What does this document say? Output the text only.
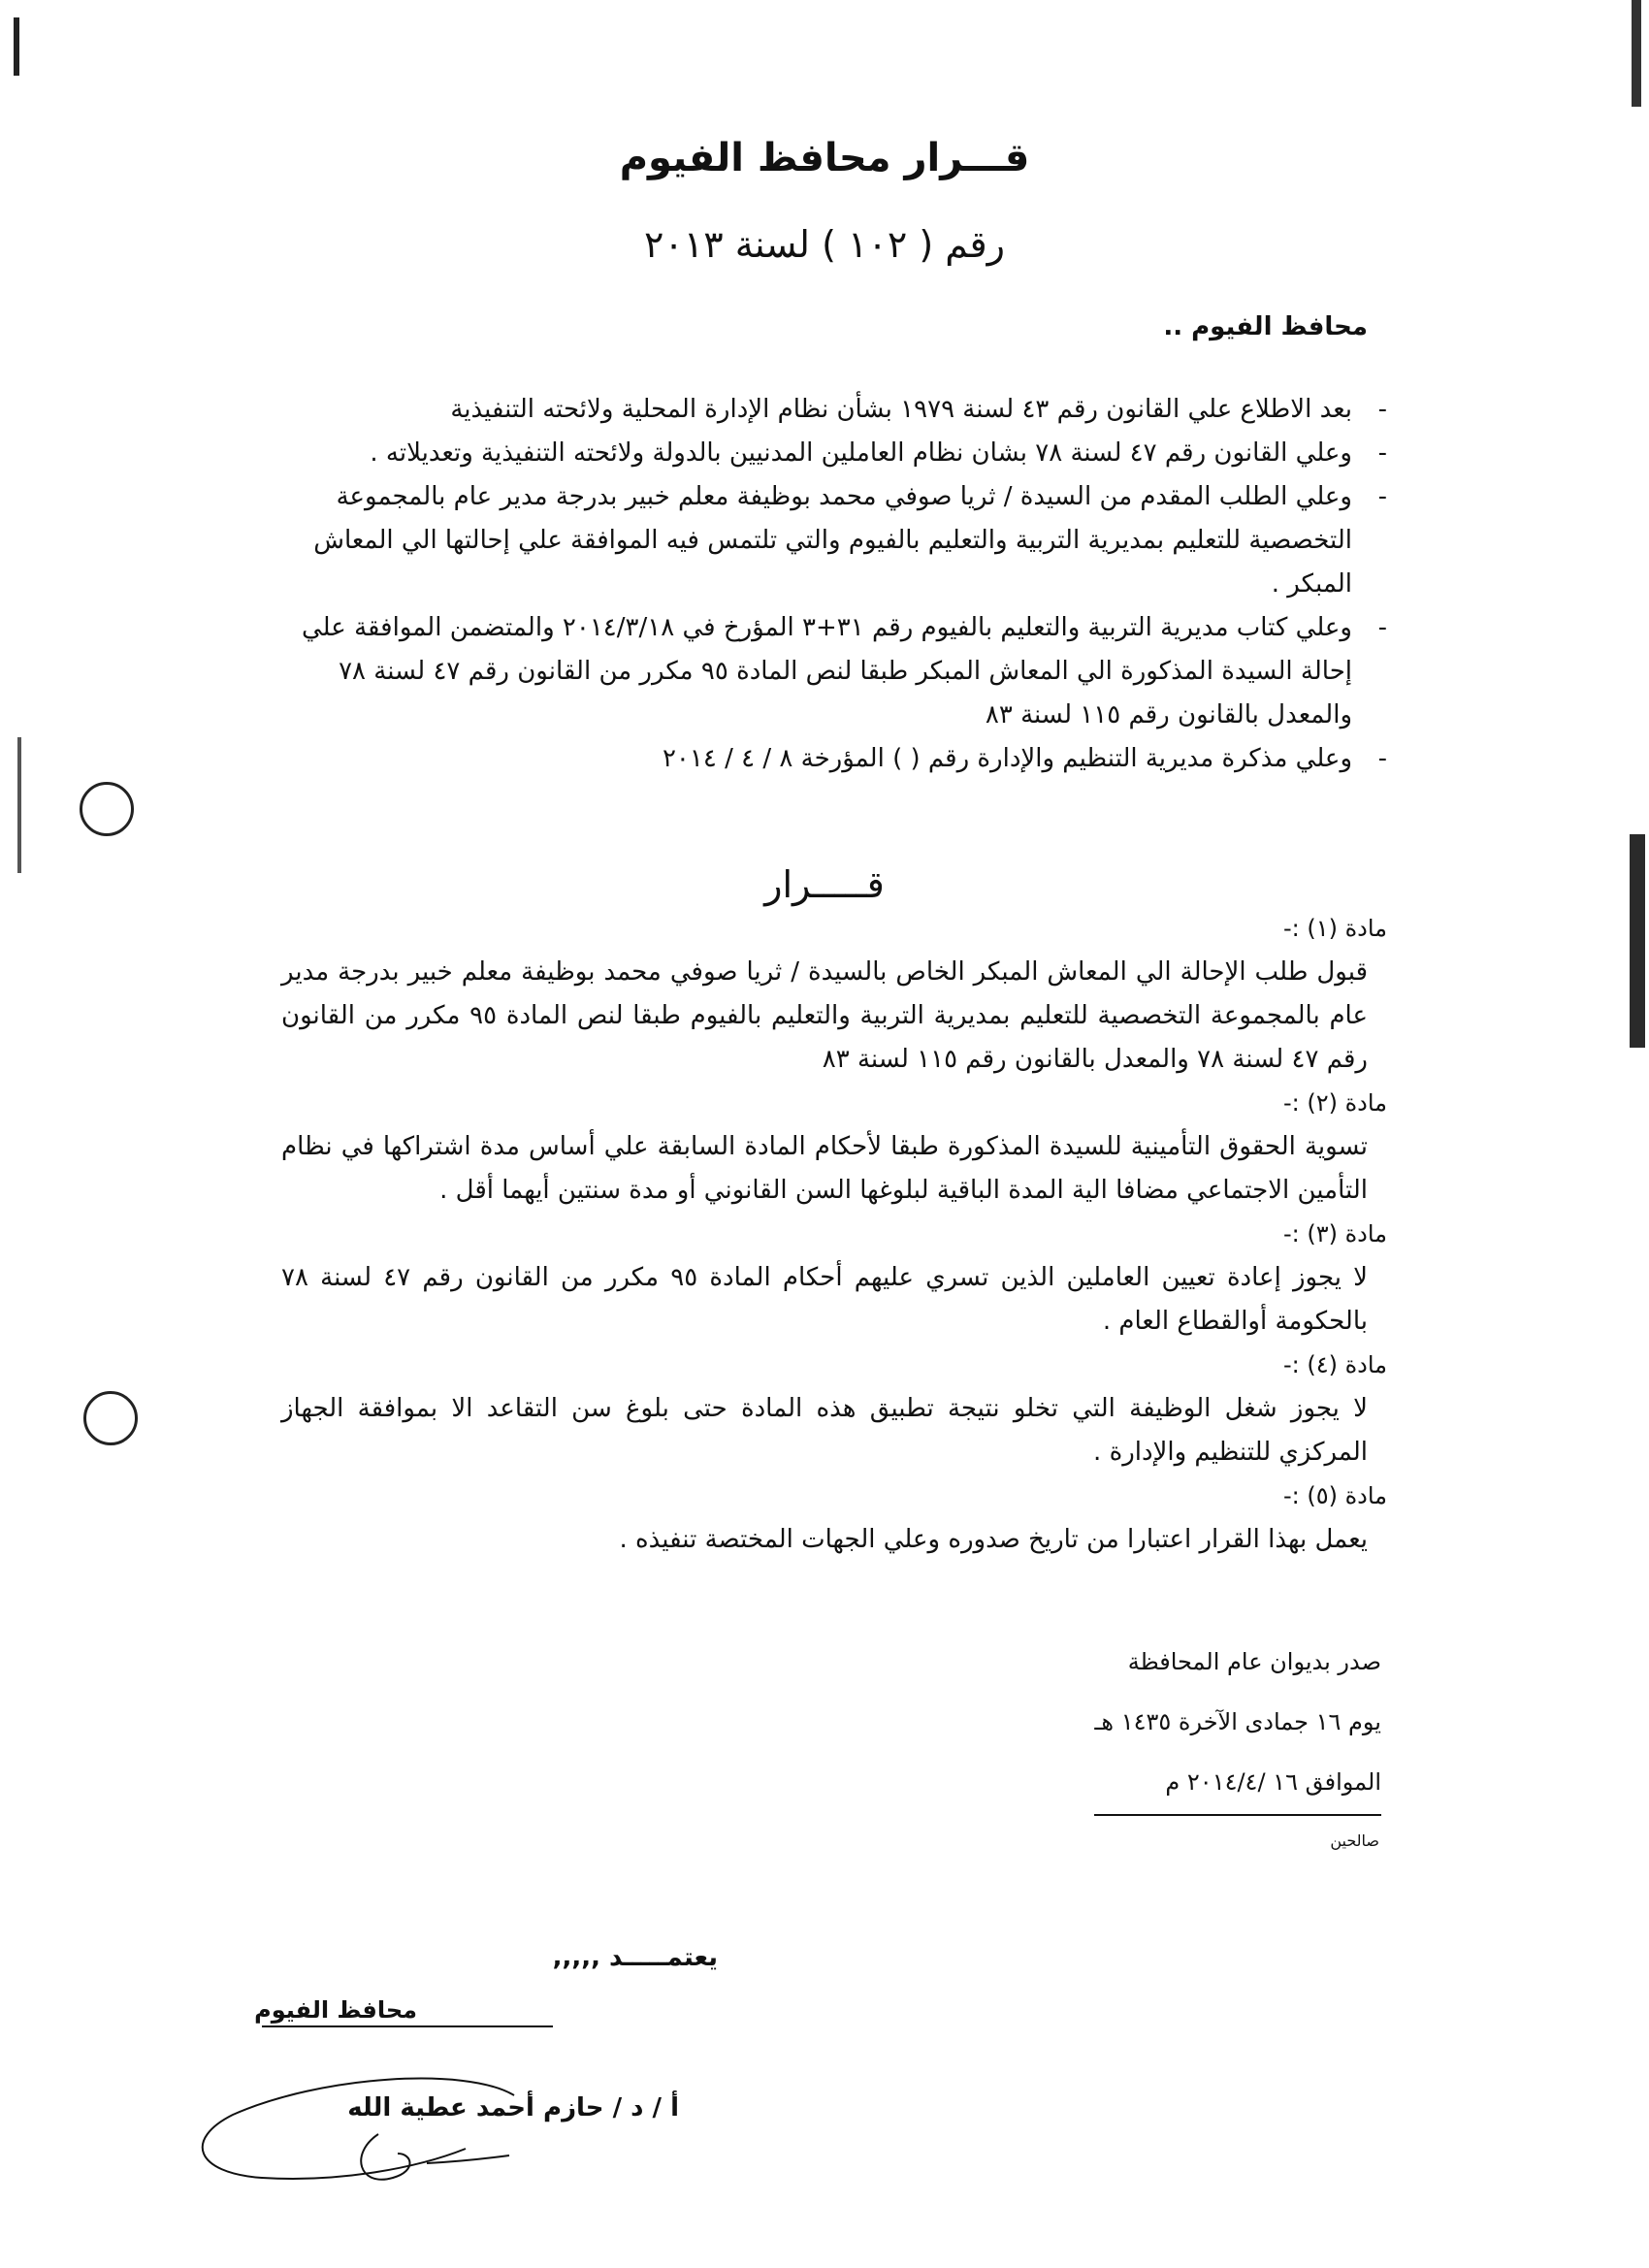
قـــرار محافظ الفيوم
رقم ( ١٠٢ ) لسنة ٢٠١٣
محافظ الفيوم ..
-
بعد الاطلاع علي القانون رقم ٤٣ لسنة ١٩٧٩ بشأن نظام الإدارة المحلية ولائحته التنفيذية
-
وعلي القانون رقم ٤٧ لسنة ٧٨ بشان نظام العاملين المدنيين بالدولة ولائحته التنفيذية وتعديلاته .
-
وعلي الطلب المقدم من السيدة / ثريا صوفي محمد بوظيفة معلم خبير بدرجة مدير عام بالمجموعة التخصصية للتعليم بمديرية التربية والتعليم بالفيوم والتي تلتمس فيه الموافقة علي إحالتها الي المعاش المبكر .
-
وعلي كتاب مديرية التربية والتعليم بالفيوم رقم ٣١+٣ المؤرخ في ٢٠١٤/٣/١٨ والمتضمن الموافقة علي إحالة السيدة المذكورة الي المعاش المبكر طبقا لنص المادة ٩٥ مكرر من القانون رقم ٤٧ لسنة ٧٨ والمعدل بالقانون رقم ١١٥ لسنة ٨٣
-
وعلي مذكرة مديرية التنظيم والإدارة رقم ( ) المؤرخة ٨ / ٤ / ٢٠١٤
قـــــرار
مادة (١) :-
قبول طلب الإحالة الي المعاش المبكر الخاص بالسيدة / ثريا صوفي محمد بوظيفة معلم خبير بدرجة مدير عام بالمجموعة التخصصية للتعليم بمديرية التربية والتعليم بالفيوم طبقا لنص المادة ٩٥ مكرر من القانون رقم ٤٧ لسنة ٧٨ والمعدل بالقانون رقم ١١٥ لسنة ٨٣
مادة (٢) :-
تسوية الحقوق التأمينية للسيدة المذكورة طبقا لأحكام المادة السابقة علي أساس مدة اشتراكها في نظام التأمين الاجتماعي مضافا الية المدة الباقية لبلوغها السن القانوني أو مدة سنتين أيهما أقل .
مادة (٣) :-
لا يجوز إعادة تعيين العاملين الذين تسري عليهم أحكام المادة ٩٥ مكرر من القانون رقم ٤٧ لسنة ٧٨ بالحكومة أوالقطاع العام .
مادة (٤) :-
لا يجوز شغل الوظيفة التي تخلو نتيجة تطبيق هذه المادة حتى بلوغ سن التقاعد الا بموافقة الجهاز المركزي للتنظيم والإدارة .
مادة (٥) :-
يعمل بهذا القرار اعتبارا من تاريخ صدوره وعلي الجهات المختصة تنفيذه .
صدر بديوان عام المحافظة
يوم ١٦ جمادى الآخرة ١٤٣٥ هـ
الموافق ١٦ /٢٠١٤/٤ م
صالحين
يعتمـــــد ,,,,,
محافظ الفيوم
أ / د / حازم أحمد عطية الله
